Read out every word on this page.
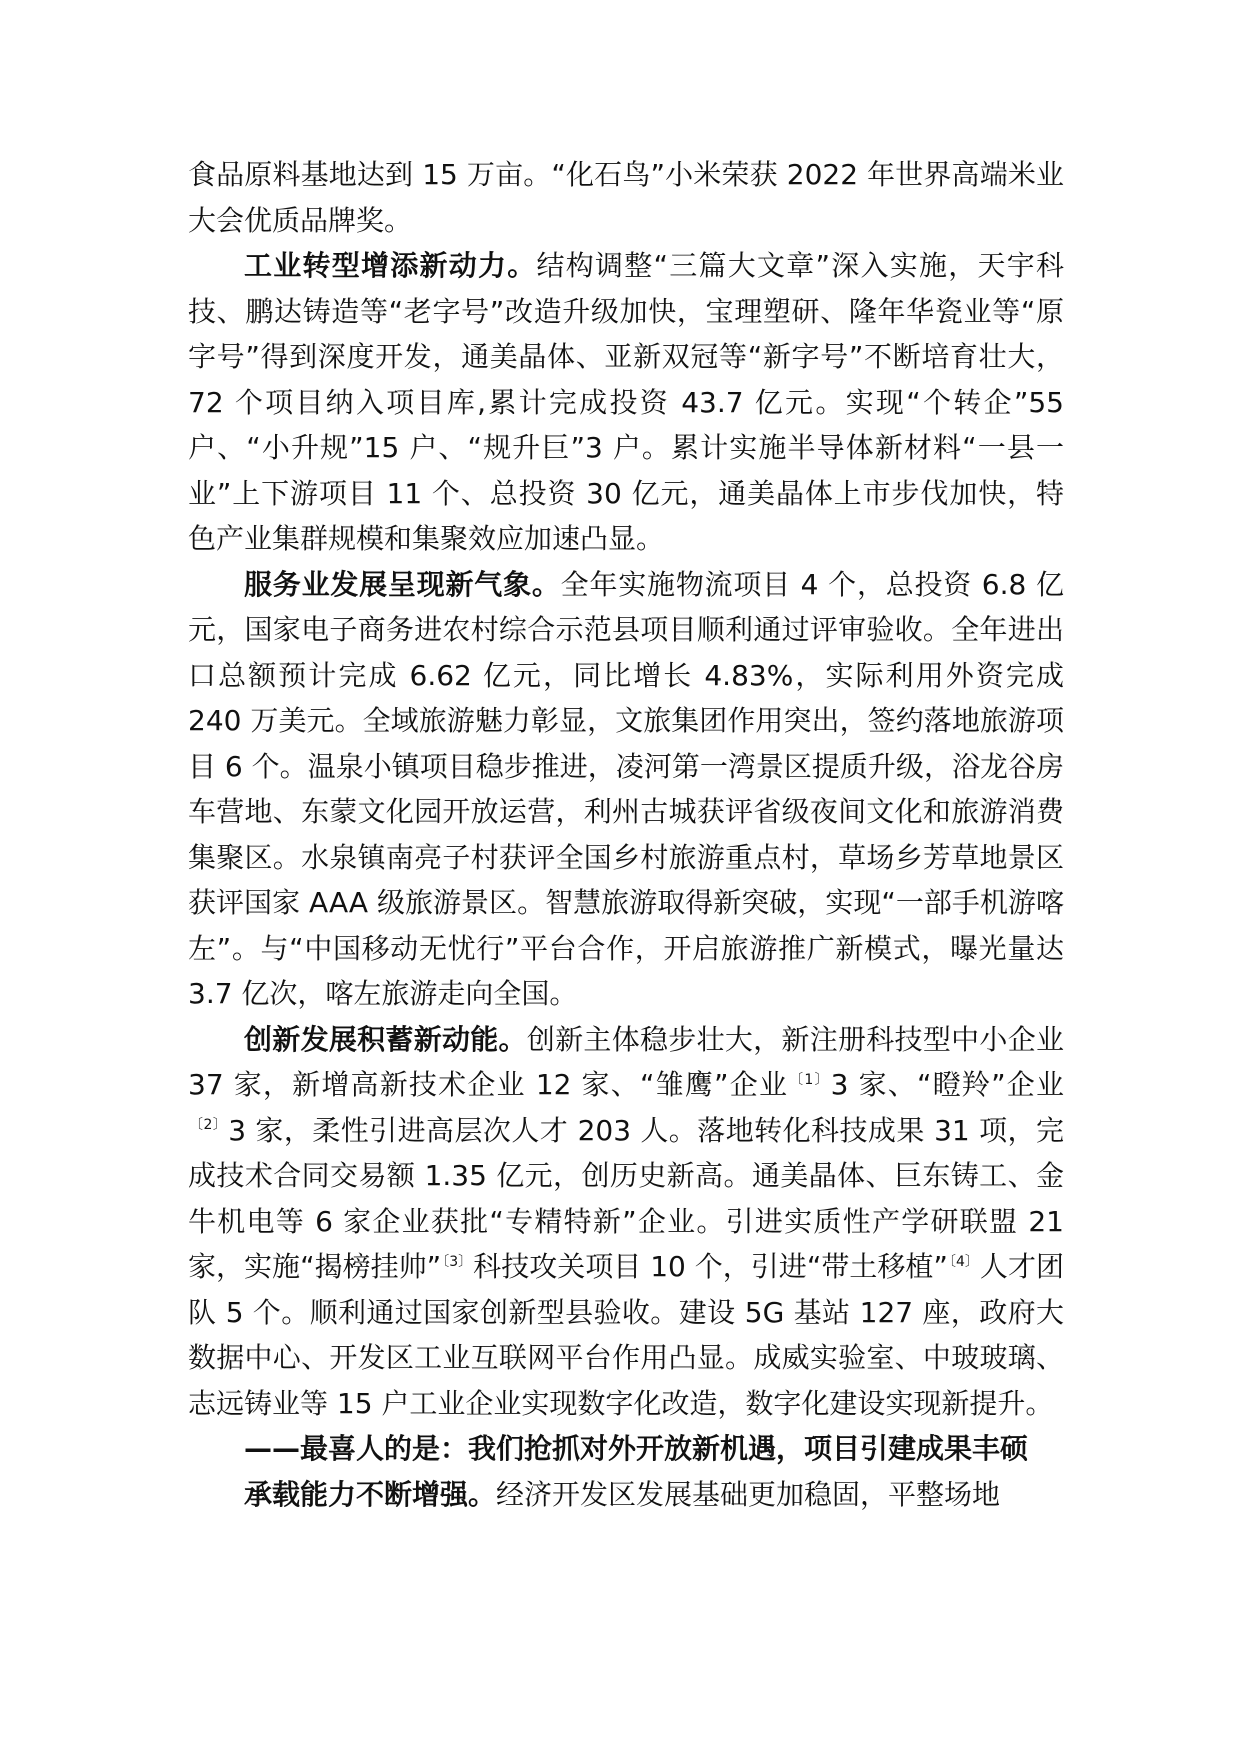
食品原料基地达到 15 万亩。“化石鸟”小米荣获 2022 年世界高端米业大会优质品牌奖。

工业转型增添新动力。结构调整“三篇大文章”深入实施，天宇科技、鹏达铸造等“老字号”改造升级加快，宝理塑研、隆年华瓷业等“原字号”得到深度开发，通美晶体、亚新双冠等“新字号”不断培育壮大，72 个项目纳入项目库,累计完成投资 43.7 亿元。实现“个转企”55 户、“小升规”15 户、“规升巨”3 户。累计实施半导体新材料“一县一业”上下游项目 11 个、总投资 30 亿元，通美晶体上市步伐加快，特色产业集群规模和集聚效应加速凸显。

服务业发展呈现新气象。全年实施物流项目 4 个，总投资 6.8 亿元，国家电子商务进农村综合示范县项目顺利通过评审验收。全年进出口总额预计完成 6.62 亿元，同比增长 4.83%，实际利用外资完成 240 万美元。全域旅游魅力彰显，文旅集团作用突出，签约落地旅游项目 6 个。温泉小镇项目稳步推进，凌河第一湾景区提质升级，浴龙谷房车营地、东蒙文化园开放运营，利州古城获评省级夜间文化和旅游消费集聚区。水泉镇南亮子村获评全国乡村旅游重点村，草场乡芳草地景区获评国家 AAA 级旅游景区。智慧旅游取得新突破，实现“一部手机游喀左”。与“中国移动无忧行”平台合作，开启旅游推广新模式，曝光量达 3.7 亿次，喀左旅游走向全国。

创新发展积蓄新动能。创新主体稳步壮大，新注册科技型中小企业 37 家，新增高新技术企业 12 家、“雏鹰”企业$^{〔1〕}$3 家、“瞪羚”企业$^{〔2〕}$3 家，柔性引进高层次人才 203 人。落地转化科技成果 31 项，完成技术合同交易额 1.35 亿元，创历史新高。通美晶体、巨东铸工、金牛机电等 6 家企业获批“专精特新”企业。引进实质性产学研联盟 21 家，实施“揭榜挂帅”$^{〔3〕}$科技攻关项目 10 个，引进“带土移植”$^{〔4〕}$人才团队 5 个。顺利通过国家创新型县验收。建设 5G 基站 127 座，政府大数据中心、开发区工业互联网平台作用凸显。成威实验室、中玻玻璃、志远铸业等 15 户工业企业实现数字化改造，数字化建设实现新提升。

——最喜人的是：我们抢抓对外开放新机遇，项目引建成果丰硕

承载能力不断增强。经济开发区发展基础更加稳固，平整场地
